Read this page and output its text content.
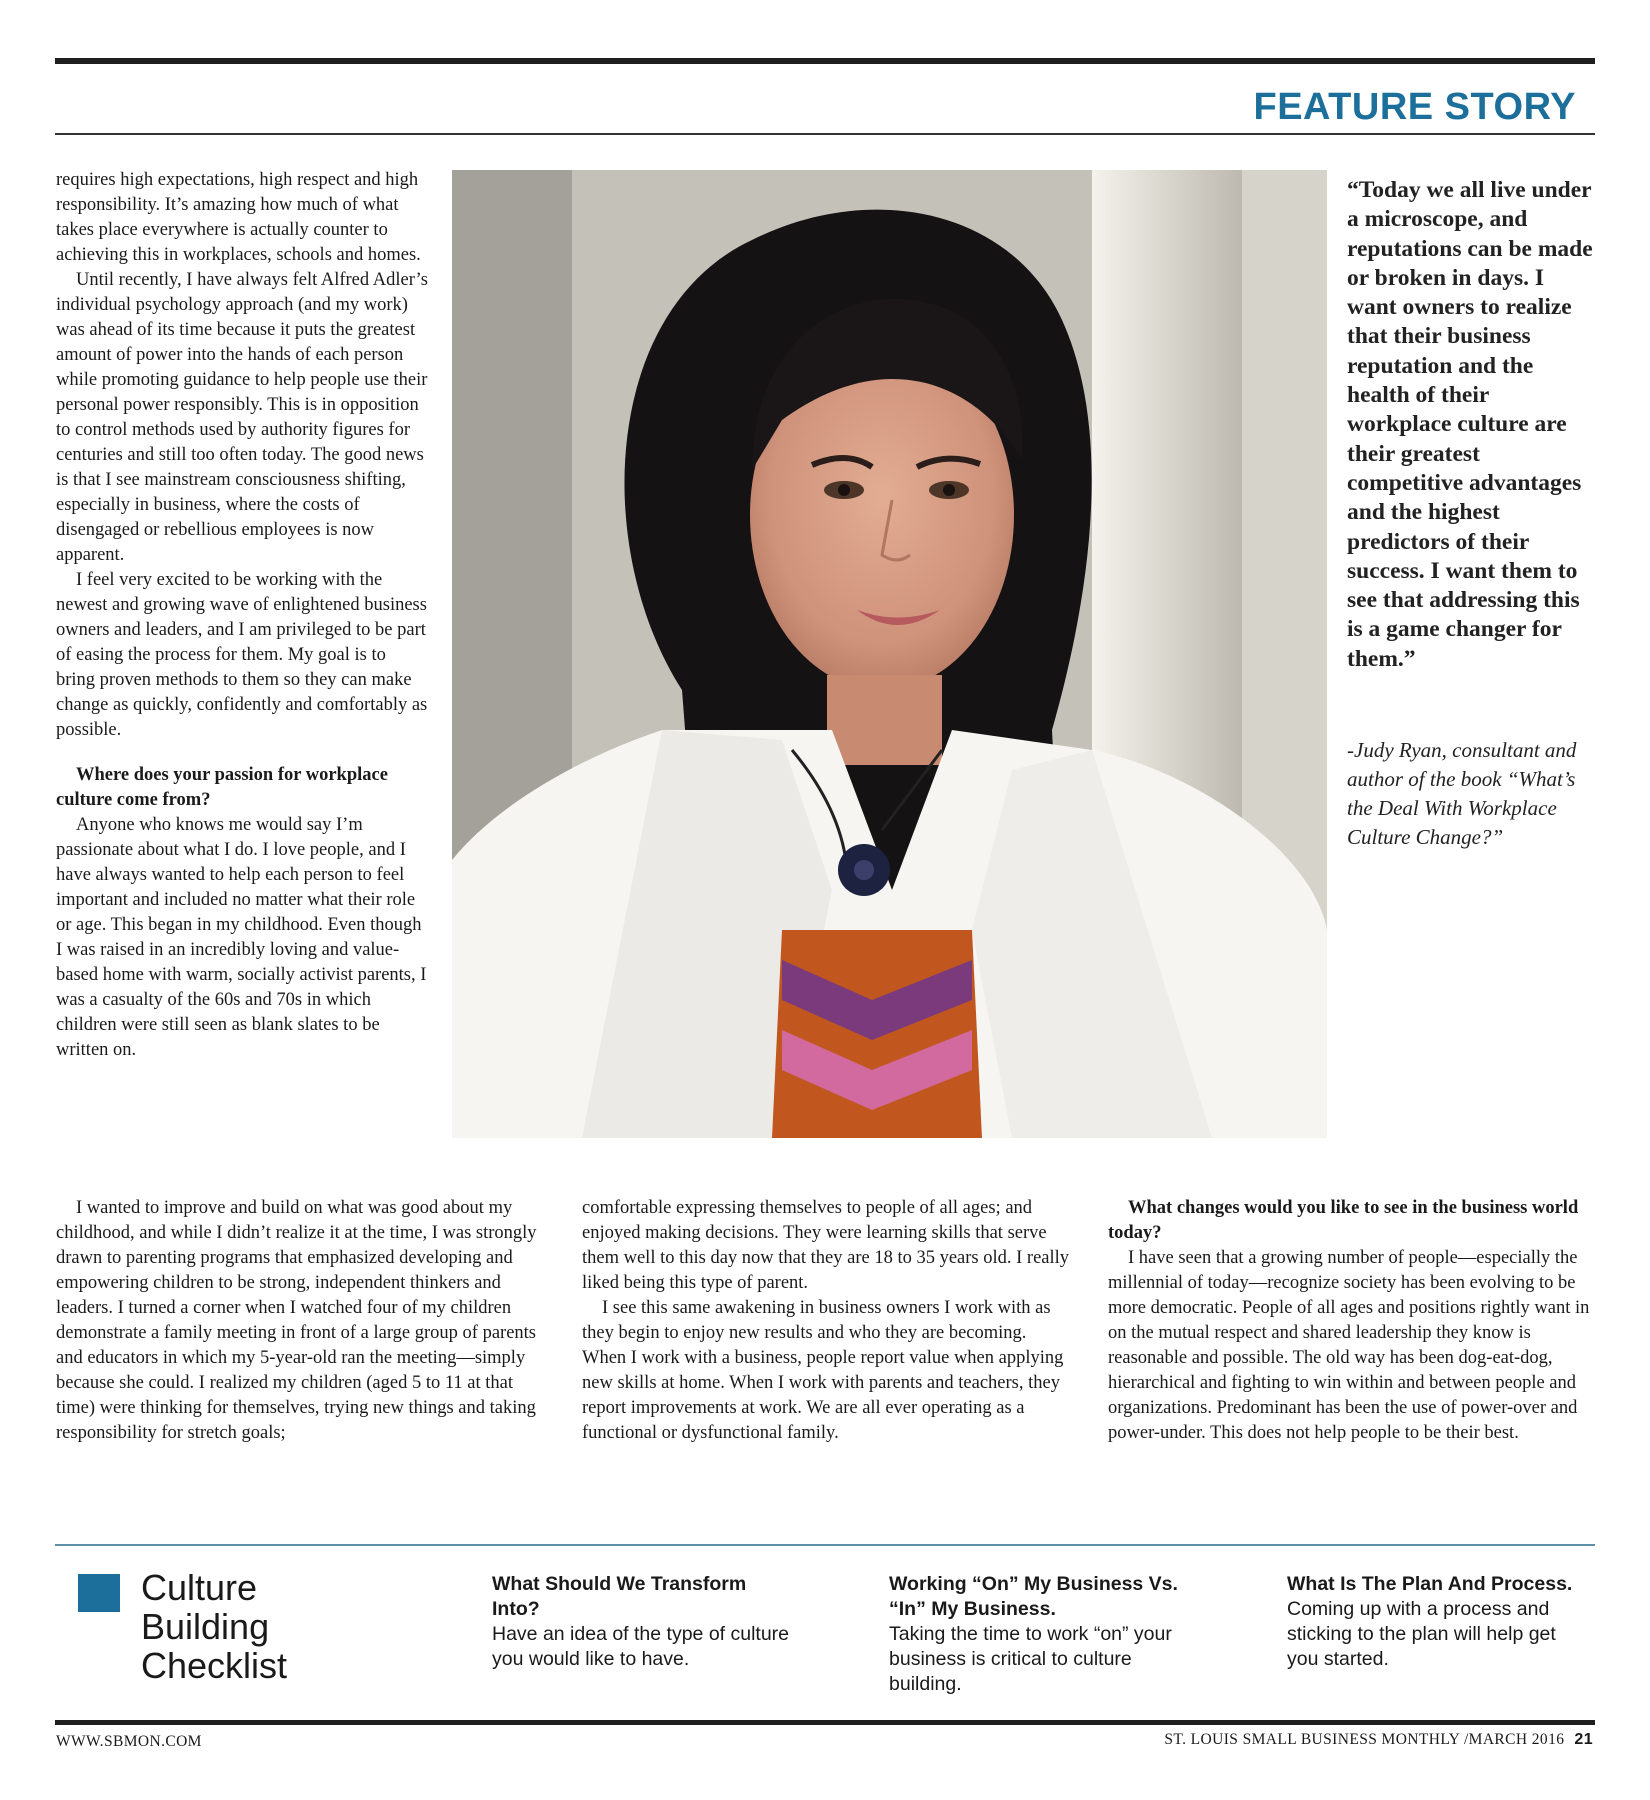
FEATURE STORY

requires high expectations, high respect and high responsibility. It’s amazing how much of what takes place everywhere is actually counter to achieving this in workplaces, schools and homes.

Until recently, I have always felt Alfred Adler’s individual psychology approach (and my work) was ahead of its time because it puts the greatest amount of power into the hands of each person while promoting guidance to help people use their personal power responsibly. This is in opposition to control methods used by authority figures for centuries and still too often today. The good news is that I see mainstream consciousness shifting, especially in business, where the costs of disengaged or rebellious employees is now apparent.

I feel very excited to be working with the newest and growing wave of enlightened business owners and leaders, and I am privileged to be part of easing the process for them. My goal is to bring proven methods to them so they can make change as quickly, confidently and comfortably as possible.

Where does your passion for workplace culture come from?

Anyone who knows me would say I’m passionate about what I do. I love people, and I have always wanted to help each person to feel important and included no matter what their role or age. This began in my childhood. Even though I was raised in an incredibly loving and value-based home with warm, socially activist parents, I was a casualty of the 60s and 70s in which children were still seen as blank slates to be written on.

I wanted to improve and build on what was good about my childhood, and while I didn’t realize it at the time, I was strongly drawn to parenting programs that emphasized developing and empowering children to be strong, independent thinkers and leaders. I turned a corner when I watched four of my children demonstrate a family meeting in front of a large group of parents and educators in which my 5-year-old ran the meeting—simply because she could. I realized my children (aged 5 to 11 at that time) were thinking for themselves, trying new things and taking responsibility for stretch goals;

comfortable expressing themselves to people of all ages; and enjoyed making decisions. They were learning skills that serve them well to this day now that they are 18 to 35 years old. I really liked being this type of parent.

I see this same awakening in business owners I work with as they begin to enjoy new results and who they are becoming. When I work with a business, people report value when applying new skills at home. When I work with parents and teachers, they report improvements at work. We are all ever operating as a functional or dysfunctional family.

What changes would you like to see in the business world today?

I have seen that a growing number of people—especially the millennial of today—recognize society has been evolving to be more democratic. People of all ages and positions rightly want in on the mutual respect and shared leadership they know is reasonable and possible. The old way has been dog-eat-dog, hierarchical and fighting to win within and between people and organizations. Predominant has been the use of power-over and power-under. This does not help people to be their best.

“Today we all live under a microscope, and reputations can be made or broken in days. I want owners to realize that their business reputation and the health of their workplace culture are their greatest competitive advantages and the highest predictors of their success. I want them to see that addressing this is a game changer for them.”
-Judy Ryan, consultant and author of the book “What’s the Deal With Workplace Culture Change?”
Culture Building Checklist
What Should We Transform Into?
Have an idea of the type of culture you would like to have.
Working “On” My Business Vs. “In” My Business.
Taking the time to work “on” your business is critical to culture building.
What Is The Plan And Process.
Coming up with a process and sticking to the plan will help get you started.
WWW.SBMON.COM	ST. LOUIS SMALL BUSINESS MONTHLY /MARCH 2016 21
